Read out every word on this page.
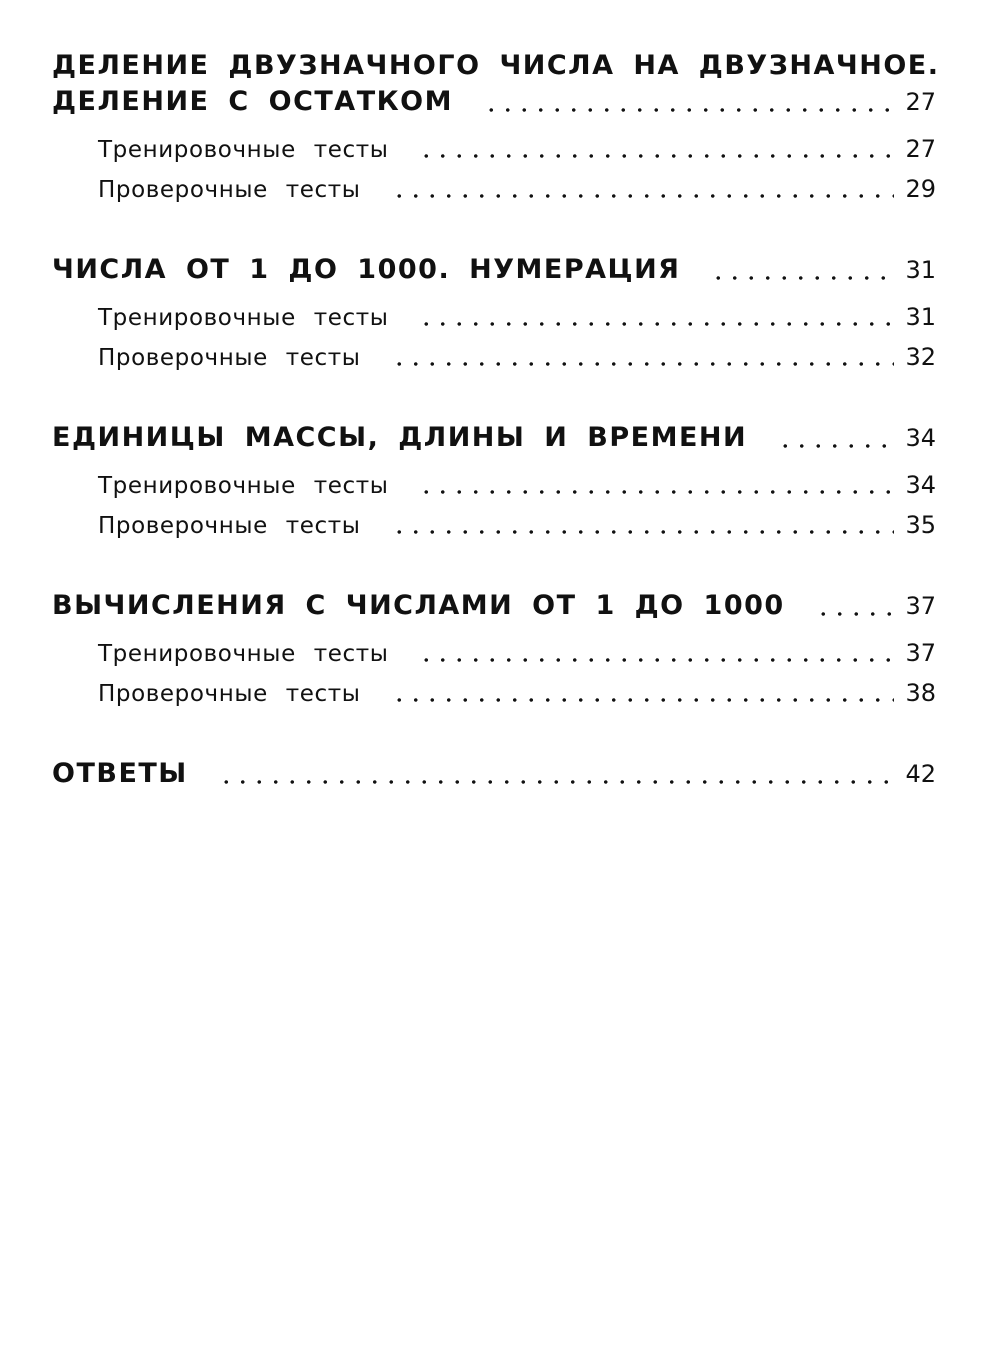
ДЕЛЕНИЕ ДВУЗНАЧНОГО ЧИСЛА НА ДВУЗНАЧНОЕ.
ДЕЛЕНИЕ С ОСТАТКОМ	27
Тренировочные тесты	27
Проверочные тесты	29
ЧИСЛА ОТ 1 ДО 1000. НУМЕРАЦИЯ	31
Тренировочные тесты	31
Проверочные тесты	32
ЕДИНИЦЫ МАССЫ, ДЛИНЫ И ВРЕМЕНИ	34
Тренировочные тесты	34
Проверочные тесты	35
ВЫЧИСЛЕНИЯ С ЧИСЛАМИ ОТ 1 ДО 1000	37
Тренировочные тесты	37
Проверочные тесты	38
ОТВЕТЫ	42
